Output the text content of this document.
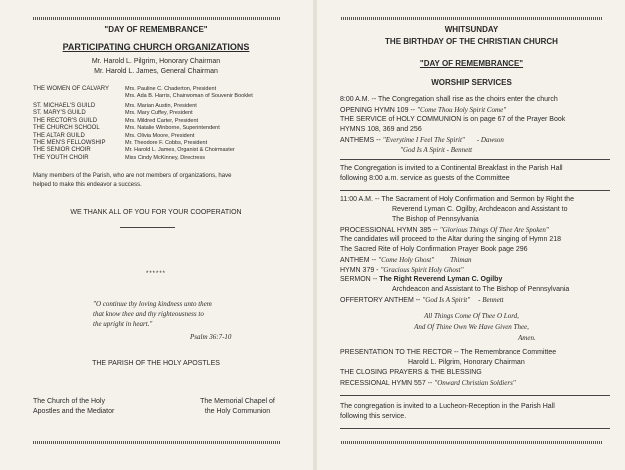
"DAY OF REMEMBRANCE"
PARTICIPATING CHURCH ORGANIZATIONS
Mr. Harold L. Pilgrim, Honorary Chairman
Mr. Harold L. James, General Chairman
THE WOMEN OF CALVARY	Mrs. Pauline C. Chaderton, President
Mrs. Ada B. Harris, Chairwoman of Souvenir Booklet
ST. MICHAEL'S GUILD	Mrs. Marian Austin, President
ST. MARY'S GUILD	Mrs. Mary Cuffey, President
THE RECTOR'S GUILD	Mrs. Mildred Carter, President
THE CHURCH SCHOOL	Mrs. Natalie Winborne, Superintendent
THE ALTAR GUILD	Mrs. Olivia Moore, President
THE MEN'S FELLOWSHIP	Mr. Theodore F. Cobbs, President
THE SENIOR CHOIR	Mr. Harold L. James, Organist & Choirmaster
THE YOUTH CHOIR	Miss Cindy McKinney, Directress
Many members of the Parish, who are not members of organizations, have
helped to make this endeavor a success.
WE THANK ALL OF YOU FOR YOUR COOPERATION
******
"O continue thy loving kindness unto them
that know thee and thy righteousness to
the upright in heart."
Psalm 36:7-10
THE PARISH OF THE HOLY APOSTLES
The Church of the Holy
Apostles and the Mediator
The Memorial Chapel of
the Holy Communion
WHITSUNDAY
THE BIRTHDAY OF THE CHRISTIAN CHURCH
"DAY OF REMEMBRANCE"
WORSHIP SERVICES
8:00 A.M. -- The Congregation shall rise as the choirs enter the church
OPENING HYMN 109 -- "Come Thou Holy Spirit Come"
THE SERVICE of HOLY COMMUNION is on page 67 of the Prayer Book
HYMNS 108, 369 and 256
ANTHEMS -- "Everytime I Feel The Spirit" - Dawson
"God Is A Spirit - Bennett
The Congregation is invited to a Continental Breakfast in the Parish Hall
following 8:00 a.m. service as guests of the Committee
11:00 A.M. -- The Sacrament of Holy Confirmation and Sermon by Right the
Reverend Lyman C. Ogilby, Archdeacon and Assistant to
The Bishop of Pennsylvania
PROCESSIONAL HYMN 385 -- "Glorious Things Of Thee Are Spoken"
The candidates will proceed to the Altar during the singing of Hymn 218
The Sacred Rite of Holy Confirmation Prayer Book page 296
ANTHEM -- "Come Holy Ghost" Thiman
HYMN 379 - "Gracious Spirit Holy Ghost"
SERMON -- The Right Reverend Lyman C. Ogilby
Archdeacon and Assistant to The Bishop of Pennsylvania
OFFERTORY ANTHEM -- "God Is A Spirit" - Bennett
All Things Come Of Thee O Lord,
And Of Thine Own We Have Given Thee,
Amen.
PRESENTATION TO THE RECTOR -- The Remembrance Committee
Harold L. Pilgrim, Honorary Chairman
THE CLOSING PRAYERS & THE BLESSING
RECESSIONAL HYMN 557 -- "Onward Christian Soldiers"
The congregation is invited to a Lucheon-Reception in the Parish Hall
following this service.
